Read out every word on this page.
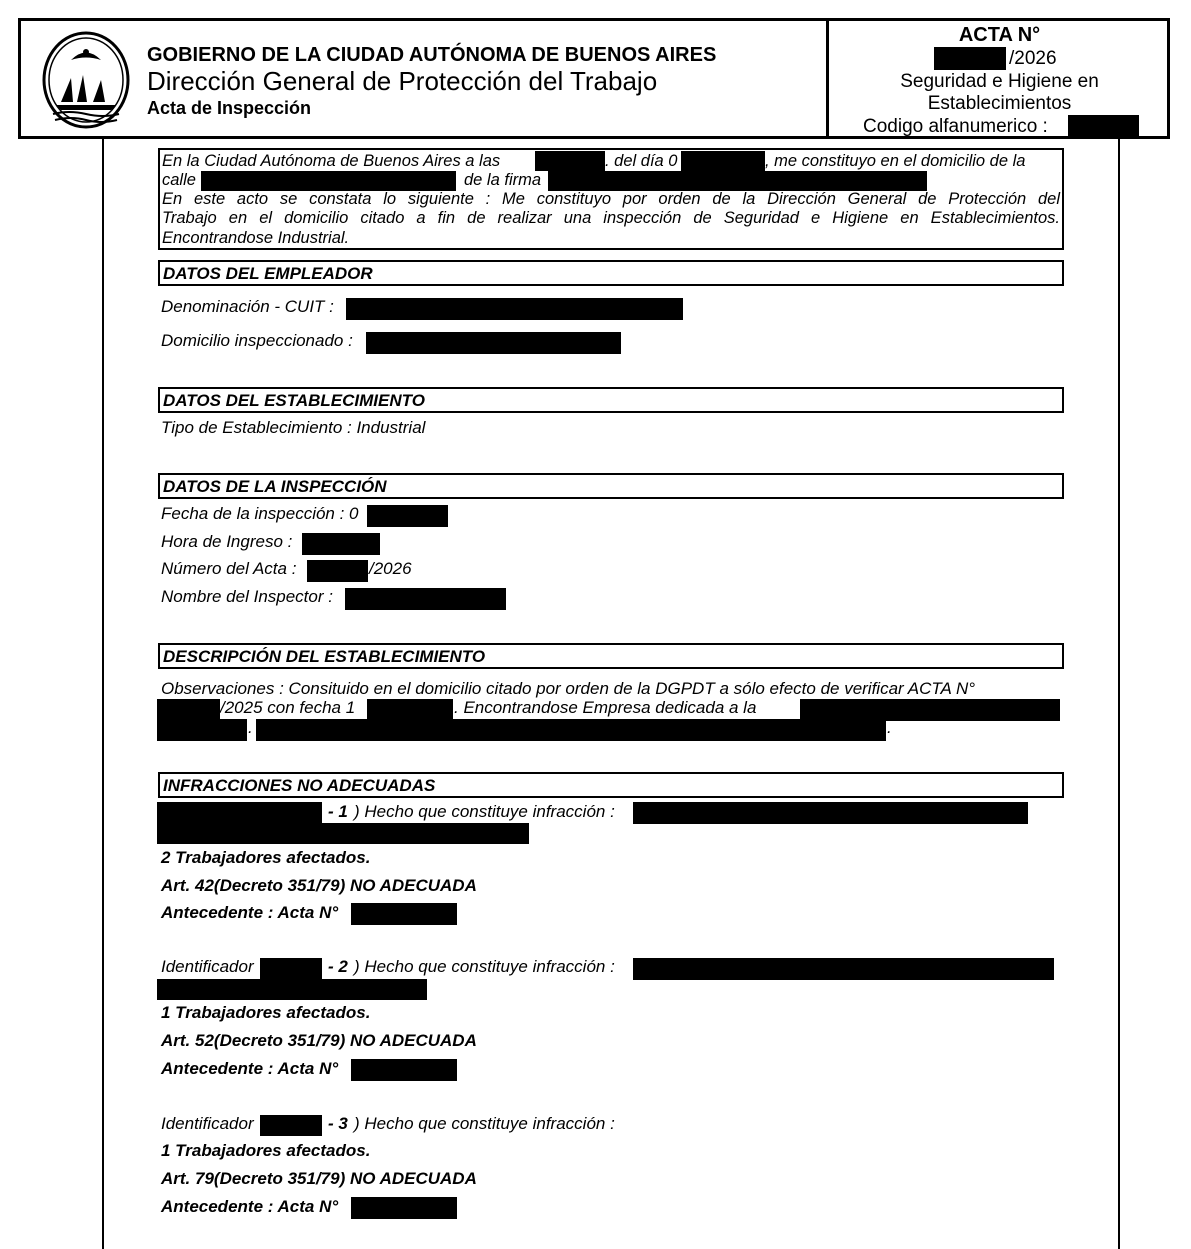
GOBIERNO DE LA CIUDAD AUTÓNOMA DE BUENOS AIRES
Dirección General de Protección del Trabajo
Acta de Inspección
ACTA N°
/2026
Seguridad e Higiene en
Establecimientos
Codigo alfanumerico :
En la Ciudad Autónoma de Buenos Aires a las	. del día 0	, me constituyo en el domicilio de la
calle	de la firma
En este acto se constata lo siguiente : Me constituyo por orden de la Dirección General de Protección del
Trabajo en el domicilio citado a fin de realizar una inspección de Seguridad e Higiene en Establecimientos.
Encontrandose Industrial.
DATOS DEL EMPLEADOR
Denominación - CUIT :
Domicilio inspeccionado :
DATOS DEL ESTABLECIMIENTO
Tipo de Establecimiento : Industrial
DATOS DE LA INSPECCIÓN
Fecha de la inspección : 0
Hora de Ingreso :
Número del Acta :	/2026
Nombre del Inspector :
DESCRIPCIÓN DEL ESTABLECIMIENTO
Observaciones : Consituido en el domicilio citado por orden de la DGPDT a sólo efecto de verificar ACTA N°
/2025 con fecha 1	. Encontrandose Empresa dedicada a la
.	.
INFRACCIONES NO ADECUADAS
- 1 ) Hecho que constituye infracción :
2 Trabajadores afectados.
Art. 42(Decreto 351/79) NO ADECUADA
Antecedente : Acta N°
Identificador	- 2 ) Hecho que constituye infracción :
1 Trabajadores afectados.
Art. 52(Decreto 351/79) NO ADECUADA
Antecedente : Acta N°
Identificador	- 3 ) Hecho que constituye infracción :
1 Trabajadores afectados.
Art. 79(Decreto 351/79) NO ADECUADA
Antecedente : Acta N°
